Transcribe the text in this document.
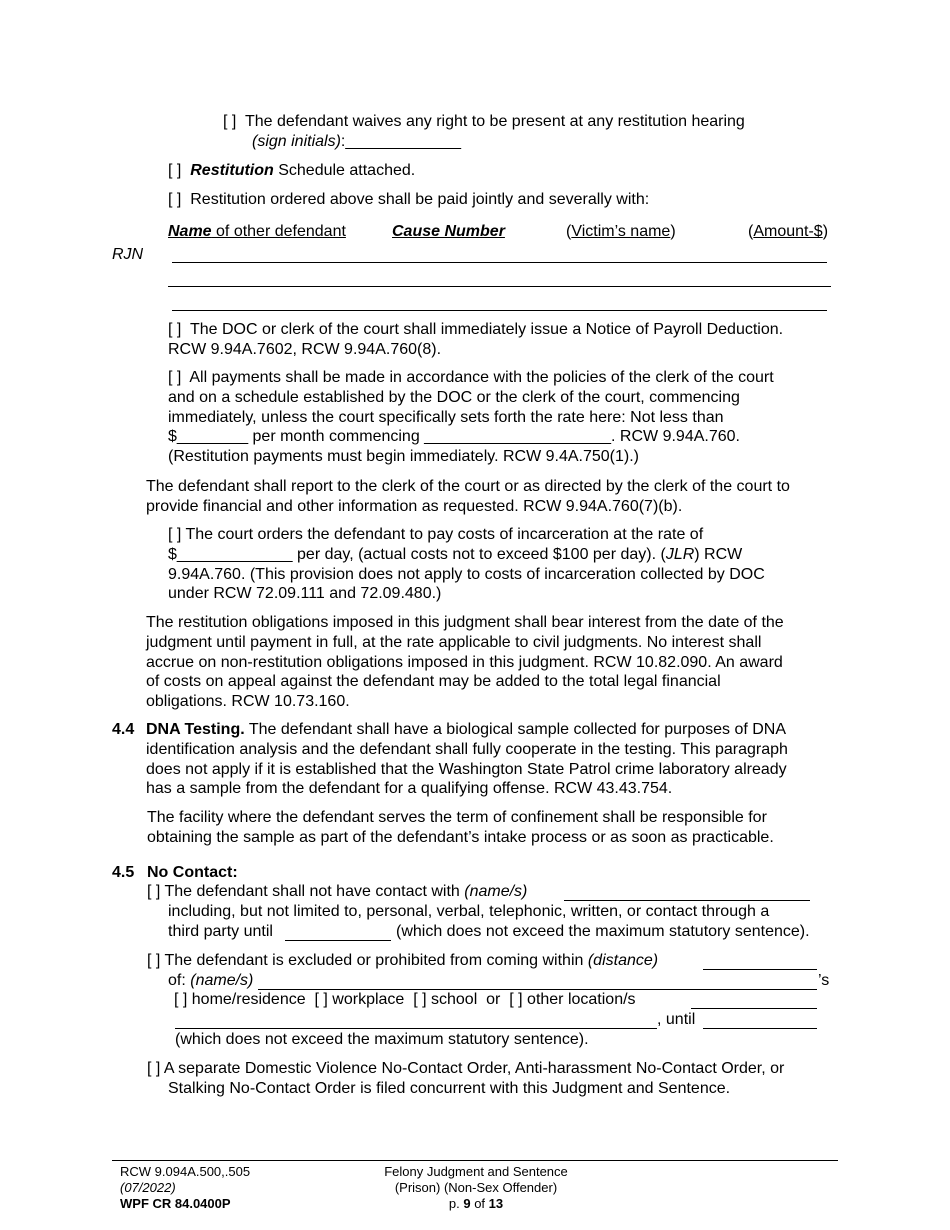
[ ] The defendant waives any right to be present at any restitution hearing
(sign initials):_____________
[ ] Restitution Schedule attached.
[ ] Restitution ordered above shall be paid jointly and severally with:
Name of other defendant	Cause Number	(Victim’s name)	(Amount-$)
RJN

[ ] The DOC or clerk of the court shall immediately issue a Notice of Payroll Deduction.

RCW 9.94A.7602, RCW 9.94A.760(8).

[ ] All payments shall be made in accordance with the policies of the clerk of the court

and on a schedule established by the DOC or the clerk of the court, commencing

immediately, unless the court specifically sets forth the rate here: Not less than

$________ per month commencing _____________________. RCW 9.94A.760.

(Restitution payments must begin immediately. RCW 9.4A.750(1).)

The defendant shall report to the clerk of the court or as directed by the clerk of the court to

provide financial and other information as requested. RCW 9.94A.760(7)(b).

[ ] The court orders the defendant to pay costs of incarceration at the rate of

$_____________ per day, (actual costs not to exceed $100 per day). (JLR) RCW

9.94A.760. (This provision does not apply to costs of incarceration collected by DOC

under RCW 72.09.111 and 72.09.480.)

The restitution obligations imposed in this judgment shall bear interest from the date of the

judgment until payment in full, at the rate applicable to civil judgments. No interest shall

accrue on non-restitution obligations imposed in this judgment. RCW 10.82.090. An award

of costs on appeal against the defendant may be added to the total legal financial

obligations. RCW 10.73.160.

4.4 DNA Testing. The defendant shall have a biological sample collected for purposes of DNA

identification analysis and the defendant shall fully cooperate in the testing. This paragraph

does not apply if it is established that the Washington State Patrol crime laboratory already

has a sample from the defendant for a qualifying offense. RCW 43.43.754.

The facility where the defendant serves the term of confinement shall be responsible for

obtaining the sample as part of the defendant’s intake process or as soon as practicable.

4.5 No Contact:
[ ] The defendant shall not have contact with (name/s)
including, but not limited to, personal, verbal, telephonic, written, or contact through a
third party until	(which does not exceed the maximum statutory sentence).
[ ] The defendant is excluded or prohibited from coming within (distance)
of: (name/s)	’s
[ ] home/residence  [ ] workplace  [ ] school  or  [ ] other location/s
, until
(which does not exceed the maximum statutory sentence).

[ ] A separate Domestic Violence No-Contact Order, Anti-harassment No-Contact Order, or

Stalking No-Contact Order is filed concurrent with this Judgment and Sentence.

RCW 9.094A.500,.505
(07/2022)
WPF CR 84.0400P
Felony Judgment and Sentence
(Prison) (Non-Sex Offender)
p. 9 of 13
